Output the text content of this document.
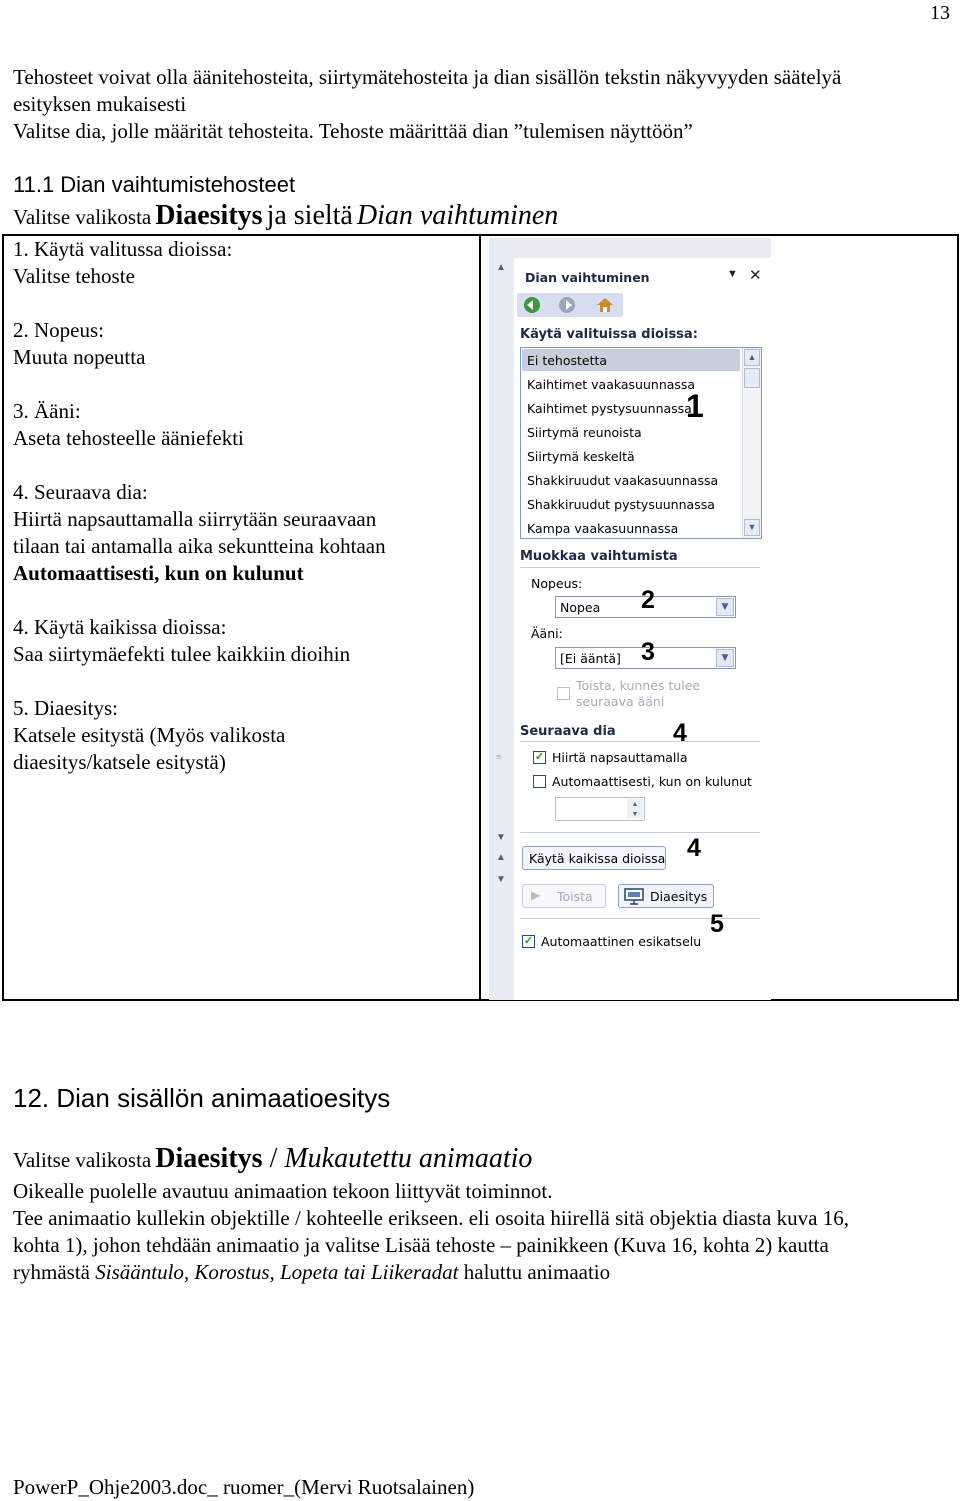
13
Tehosteet voivat olla äänitehosteita, siirtymätehosteita ja dian sisällön tekstin näkyvyyden säätelyä
esityksen mukaisesti
Valitse dia, jolle määrität tehosteita. Tehoste määrittää dian ”tulemisen näyttöön”
11.1 Dian vaihtumistehosteet
Valitse valikosta Diaesitys ja sieltä Dian vaihtuminen
1. Käytä valitussa dioissa:
Valitse tehoste
2. Nopeus:
Muuta nopeutta
3. Ääni:
Aseta tehosteelle ääniefekti
4. Seuraava dia:
Hiirtä napsauttamalla siirrytään seuraavaan
tilaan tai antamalla aika sekuntteina kohtaan
Automaattisesti, kun on kulunut
4. Käytä kaikissa dioissa:
Saa siirtymäefekti tulee kaikkiin dioihin
5. Diaesitys:
Katsele esitystä (Myös valikosta
diaesitys/katsele esitystä)
▲
▼
▲
▼
≡
Dian vaihtuminen	▼ ✕
Käytä valituissa dioissa:
Ei tehostetta
Kaihtimet vaakasuunnassa
Kaihtimet pystysuunnassa
Siirtymä reunoista
Siirtymä keskeltä
Shakkiruudut vaakasuunnassa
Shakkiruudut pystysuunnassa
Kampa vaakasuunnassa
▲
▼
Muokkaa vaihtumista
Nopeus:
Nopea	▼
Ääni:
[Ei ääntä]	▼
Toista, kunnes tulee
seuraava ääni
Seuraava dia
✓ Hiirtä napsauttamalla
Automaattisesti, kun on kulunut
▲
▼
Käytä kaikissa dioissa
▶ Toista	Diaesitys
✓ Automaattinen esikatselu
1
2
3
4
4
5
12. Dian sisällön animaatioesitys
Valitse valikosta Diaesitys / Mukautettu animaatio
Oikealle puolelle avautuu animaation tekoon liittyvät toiminnot.
Tee animaatio kullekin objektille / kohteelle erikseen. eli osoita hiirellä sitä objektia diasta kuva 16,
kohta 1), johon tehdään animaatio ja valitse Lisää tehoste – painikkeen (Kuva 16, kohta 2) kautta
ryhmästä Sisääntulo, Korostus, Lopeta tai Liikeradat haluttu animaatio
PowerP_Ohje2003.doc_ ruomer_(Mervi Ruotsalainen)
